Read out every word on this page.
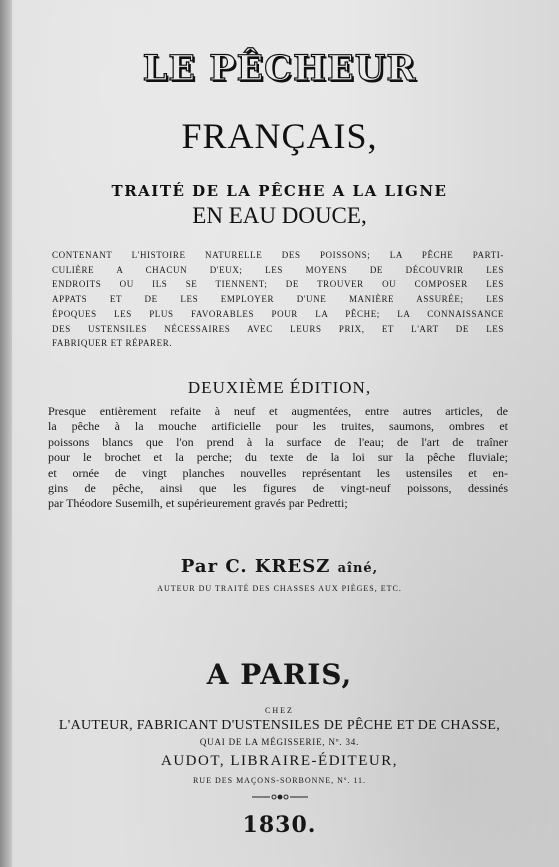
LE PÊCHEUR
FRANÇAIS,
TRAITÉ DE LA PÊCHE A LA LIGNE
EN EAU DOUCE,
CONTENANT L'HISTOIRE NATURELLE DES POISSONS; LA PÊCHE PARTI-
CULIÈRE A CHACUN D'EUX; LES MOYENS DE DÉCOUVRIR LES
ENDROITS OU ILS SE TIENNENT; DE TROUVER OU COMPOSER LES
APPATS ET DE LES EMPLOYER D'UNE MANIÈRE ASSURÉE; LES
ÉPOQUES LES PLUS FAVORABLES POUR LA PÊCHE; LA CONNAISSANCE
DES USTENSILES NÉCESSAIRES AVEC LEURS PRIX, ET L'ART DE LES
FABRIQUER ET RÉPARER.
DEUXIÈME ÉDITION,
Presque entièrement refaite à neuf et augmentées, entre autres articles, de
la pêche à la mouche artificielle pour les truites, saumons, ombres et
poissons blancs que l'on prend à la surface de l'eau; de l'art de traîner
pour le brochet et la perche; du texte de la loi sur la pêche fluviale;
et ornée de vingt planches nouvelles représentant les ustensiles et en-
gins de pêche, ainsi que les figures de vingt-neuf poissons, dessinés
par Théodore Susemilh, et supérieurement gravés par Pedretti;
Par C. KRESZ aîné,
AUTEUR DU TRAITÉ DES CHASSES AUX PIÈGES, ETC.
A PARIS,
CHEZ
L'AUTEUR, FABRICANT D'USTENSILES DE PÊCHE ET DE CHASSE,
QUAI DE LA MÉGISSERIE, Nº. 34.
AUDOT, LIBRAIRE-ÉDITEUR,
RUE DES MAÇONS-SORBONNE, Nº. 11.
1830.
